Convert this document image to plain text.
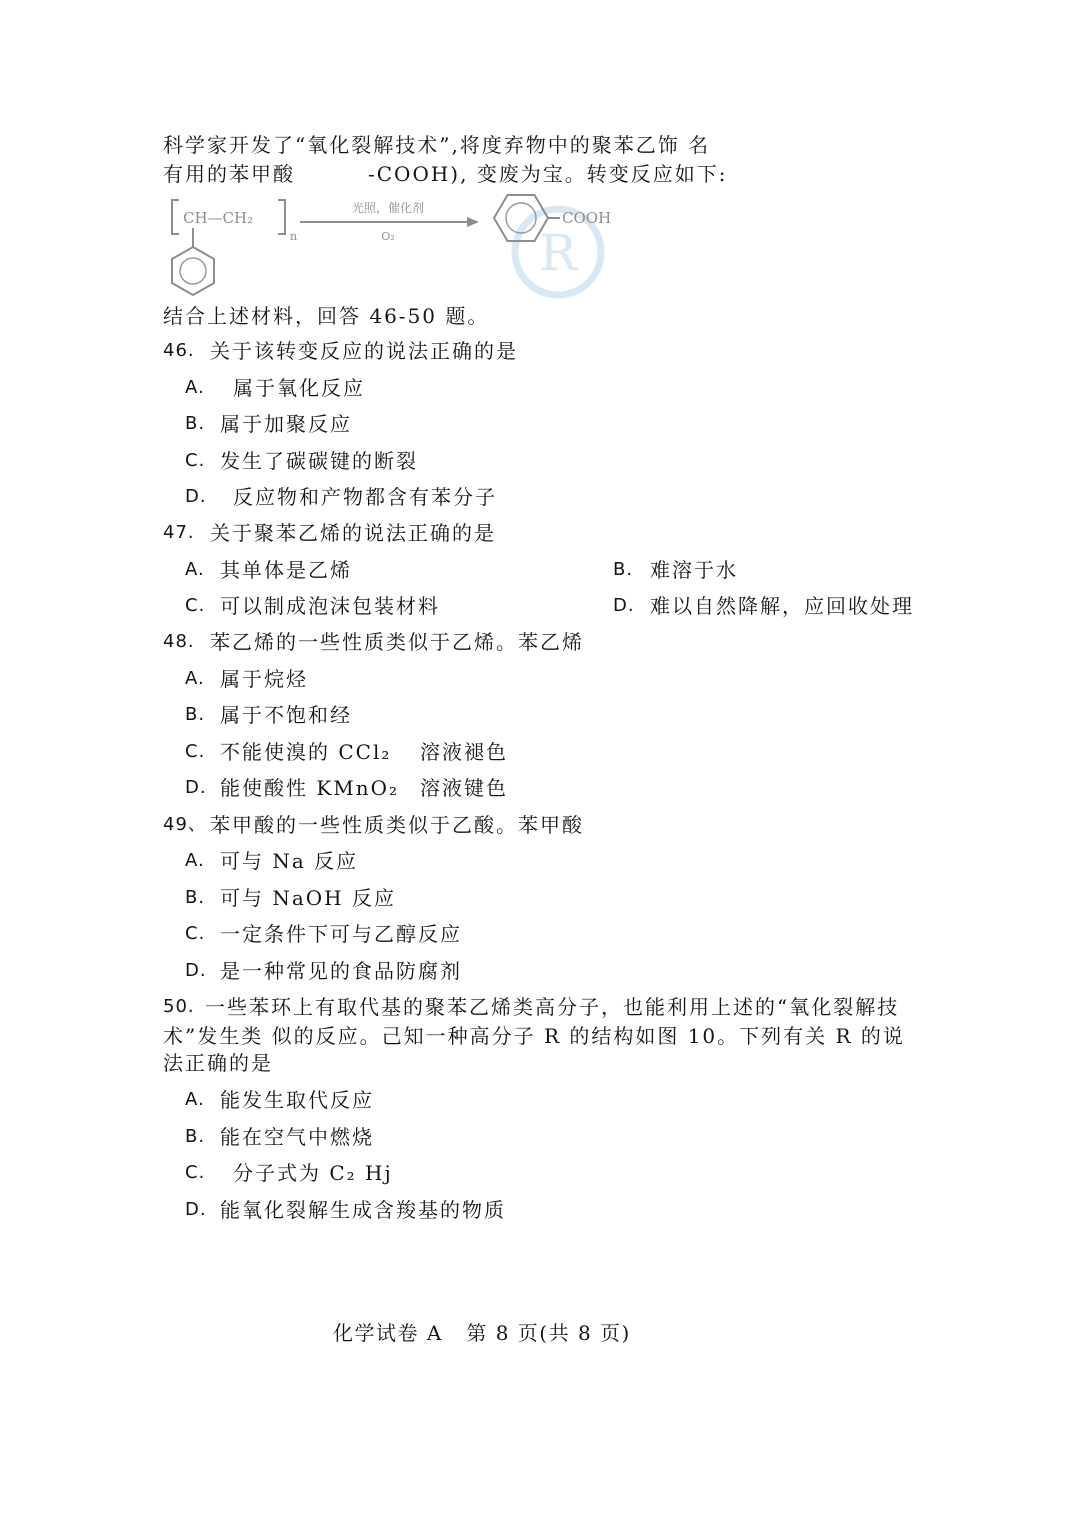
科学家开发了“氧化裂解技术”,将度弃物中的聚苯乙饰 名
有用的苯甲酸	-COOH), 变废为宝。转变反应如下:
R
CH—CH₂
n
光照，催化剂
O₂
COOH
结合上述材料，回答 46-50 题。
46. 关于该转变反应的说法正确的是
A. 属于氧化反应
B. 属于加聚反应
C. 发生了碳碳键的断裂
D. 反应物和产物都含有苯分子
47. 关于聚苯乙烯的说法正确的是
A. 其单体是乙烯	B. 难溶于水
C. 可以制成泡沫包装材料	D. 难以自然降解，应回收处理
48. 苯乙烯的一些性质类似于乙烯。苯乙烯
A. 属于烷烃
B. 属于不饱和经
C. 不能使溴的 CCl₂ 溶液褪色
D. 能使酸性 KMnO₂ 溶液键色
49、 苯甲酸的一些性质类似于乙酸。苯甲酸
A. 可与 Na 反应
B. 可与 NaOH 反应
C. 一定条件下可与乙醇反应
D. 是一种常见的食品防腐剂
50. 一些苯环上有取代基的聚苯乙烯类高分子，也能利用上述的“氧化裂解技
术”发生类 似的反应。己知一种高分子 R 的结构如图 10。下列有关 R 的说
法正确的是
A. 能发生取代反应
B. 能在空气中燃烧
C. 分子式为 C₂ Hj
D. 能氧化裂解生成含羧基的物质
化学试卷 A   第 8 页(共 8 页)
